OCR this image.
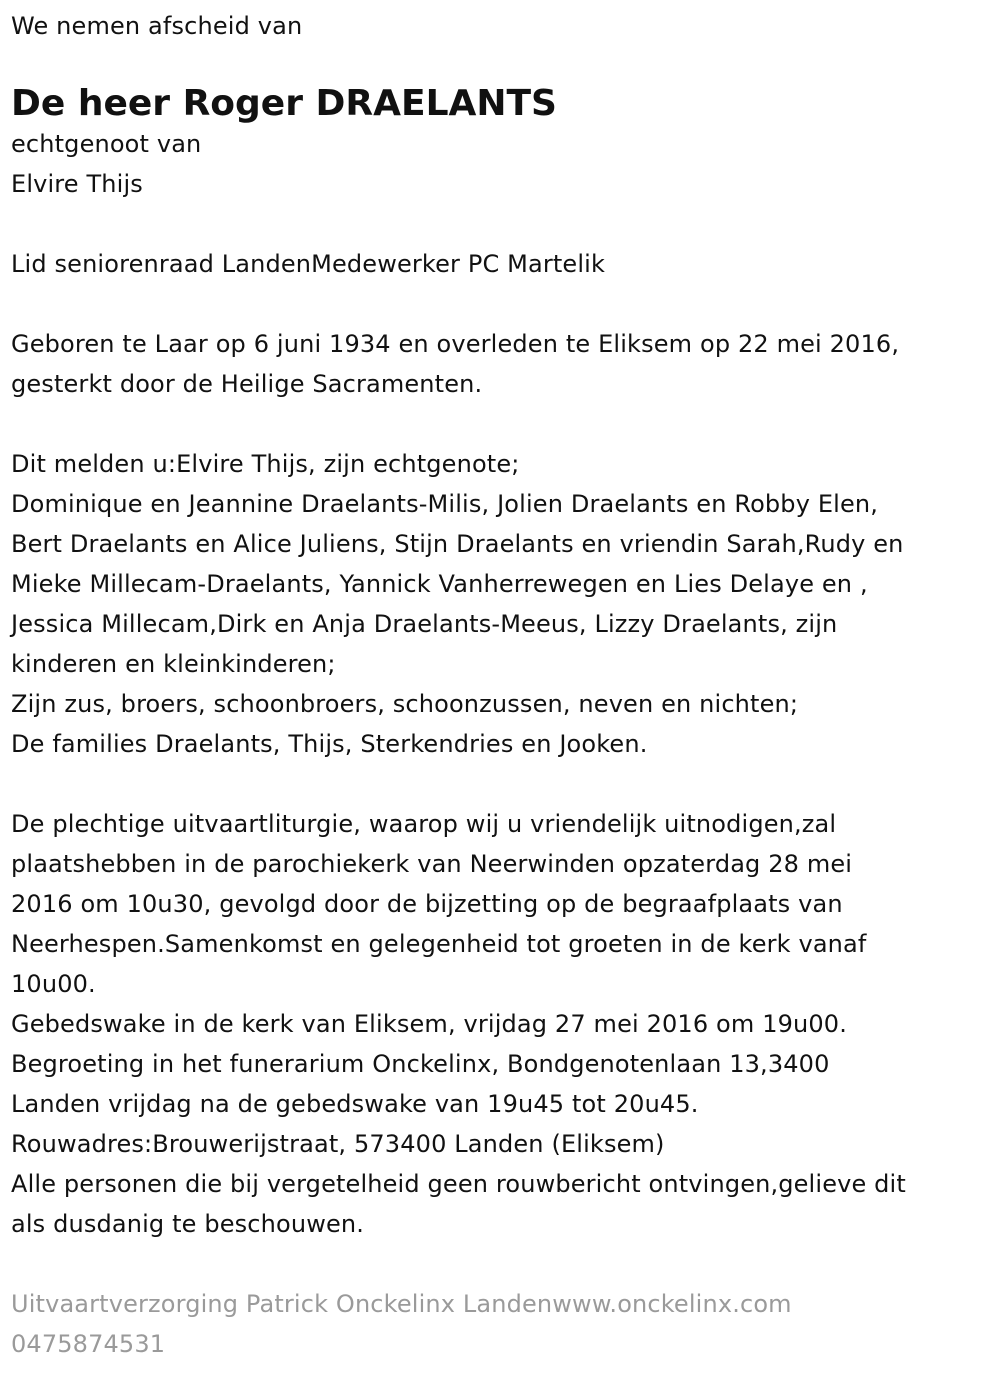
We nemen afscheid van
De heer Roger DRAELANTS
echtgenoot van
Elvire Thijs
Lid seniorenraad LandenMedewerker PC Martelik
Geboren te Laar op 6 juni 1934 en overleden te Eliksem op 22 mei 2016,
gesterkt door de Heilige Sacramenten.
Dit melden u:Elvire Thijs, zijn echtgenote;
Dominique en Jeannine Draelants-Milis, Jolien Draelants en Robby Elen,
Bert Draelants en Alice Juliens, Stijn Draelants en vriendin Sarah,Rudy en
Mieke Millecam-Draelants, Yannick Vanherrewegen en Lies Delaye en ,
Jessica Millecam,Dirk en Anja Draelants-Meeus, Lizzy Draelants, zijn
kinderen en kleinkinderen;
Zijn zus, broers, schoonbroers, schoonzussen, neven en nichten;
De families Draelants, Thijs, Sterkendries en Jooken.
De plechtige uitvaartliturgie, waarop wij u vriendelijk uitnodigen,zal
plaatshebben in de parochiekerk van Neerwinden opzaterdag 28 mei
2016 om 10u30, gevolgd door de bijzetting op de begraafplaats van
Neerhespen.Samenkomst en gelegenheid tot groeten in de kerk vanaf
10u00.
Gebedswake in de kerk van Eliksem, vrijdag 27 mei 2016 om 19u00.
Begroeting in het funerarium Onckelinx, Bondgenotenlaan 13,3400
Landen vrijdag na de gebedswake van 19u45 tot 20u45.
Rouwadres:Brouwerijstraat, 573400 Landen (Eliksem)
Alle personen die bij vergetelheid geen rouwbericht ontvingen,gelieve dit
als dusdanig te beschouwen.
Uitvaartverzorging Patrick Onckelinx Landenwww.onckelinx.com
0475874531
